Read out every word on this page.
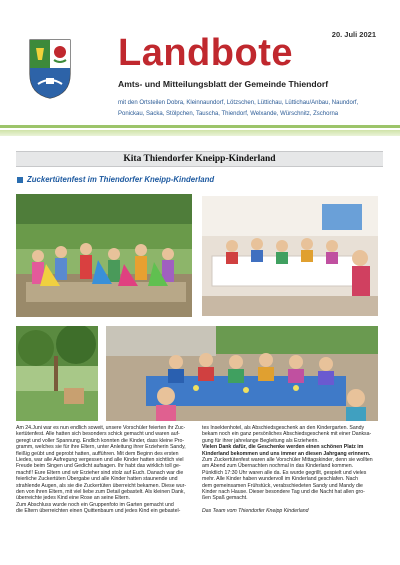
20. Juli 2021
Landbote
Amts- und Mitteilungsblatt der Gemeinde Thiendorf
mit den Ortsteilen Dobra, Kleinnaundorf, Lötzschen, Lüttichau, Lüttichau/Anbau, Naundorf,
Ponickau, Sacka, Stölpchen, Tauscha, Thiendorf, Welxande, Würschnitz, Zschorna
Kita Thiendorfer Kneipp-Kinderland
Zuckertütenfest im Thiendorfer Kneipp-Kinderland

Am 24.Juni war es nun endlich soweit, unsere Vorschüler feierten ihr Zuc-

kertütenfest. Alle hatten sich besonders schick gemacht und waren auf-

geregt und voller Spannung. Endlich konnten die Kinder, dass kleine Pro-

gramm, welches sie für ihre Eltern, unter Anleitung ihrer Erzieherin Sandy,

fleißig geübt und geprobt hatten, aufführen. Mit dem Beginn des ersten

Liedes, war alle Aufregung vergessen und alle Kinder hatten sichtlich viel

Freude beim Singen und Gedicht aufsagen. Ihr habt das wirklich toll ge-

macht!! Eure Eltern und wir Erzieher sind stolz auf Euch. Danach war die

feierliche Zuckertüten Übergabe und alle Kinder hatten staunende und

strahlende Augen, als sie die Zuckertüten überreicht bekamen. Diese wur-

den von ihren Eltern, mit viel liebe zum Detail gebastelt. Als kleinen Dank,

überreichte jedes Kind eine Rose an seine Eltern.

Zum Abschluss wurde noch ein Gruppenfoto im Garten gemacht und

die Eltern überreichten einen Quittenbaum und jedes Kind ein gebastel-

tes Insektenhotel, als Abschiedsgeschenk an den Kindergarten. Sandy

bekam noch ein ganz persönliches Abschiedsgeschenk mit einer Danksa-

gung für ihrer jahrelange Begleitung als Erzieherin.

Vielen Dank dafür, die Geschenke werden einen schönen Platz im

Kinderland bekommen und uns immer an diesen Jahrgang erinnern.

Zum Zuckertütenfest waren alle Vorschüler Mittagskinder, denn sie wollten

am Abend zum Übernachten nochmal in das Kinderland kommen.

Pünktlich 17:30 Uhr waren alle da. Es wurde gegrillt, gespielt und vieles

mehr. Alle Kinder haben wundervoll im Kinderland geschlafen. Nach

dem gemeinsamen Frühstück, verabschiedeten Sandy und Mandy die

Kinder nach Hause. Dieser besondere Tag und die Nacht hat allen gro-

ßen Spaß gemacht.

Das Team vom Thiendorfer Kneipp Kinderland
